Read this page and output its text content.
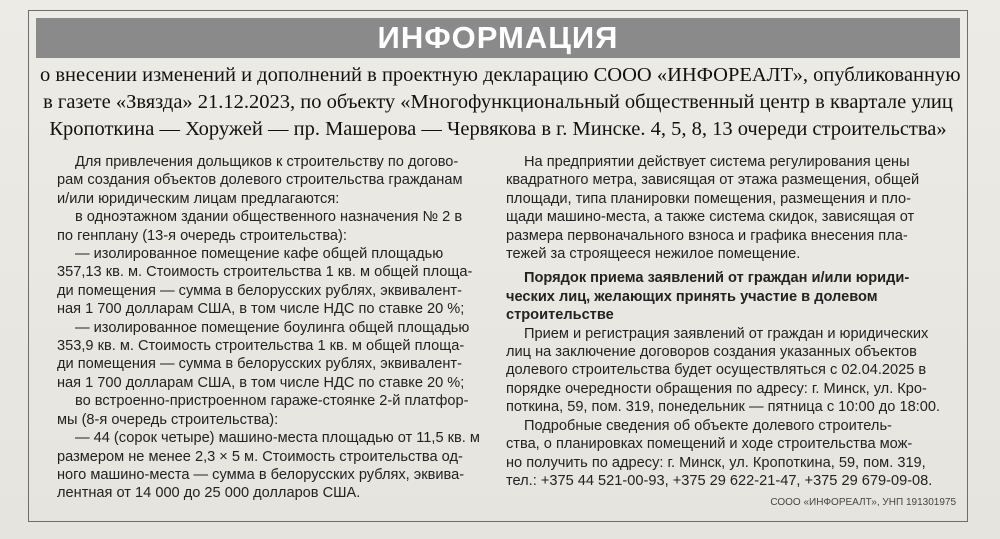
ИНФОРМАЦИЯ
о внесении изменений и дополнений в проектную декларацию СООО «ИНФОРЕАЛТ», опубликованную
в газете «Звязда» 21.12.2023, по объекту «Многофункциональный общественный центр в квартале улиц
Кропоткина — Хоружей — пр. Машерова — Червякова в г. Минске. 4, 5, 8, 13 очереди строительства»
Для привлечения дольщиков к строительству по догово-
рам создания объектов долевого строительства гражданам
и/или юридическим лицам предлагаются:
в одноэтажном здании общественного назначения № 2 в
по генплану (13-я очередь строительства):
— изолированное помещение кафе общей площадью
357,13 кв. м. Стоимость строительства 1 кв. м общей площа-
ди помещения — сумма в белорусских рублях, эквивалент-
ная 1 700 долларам США, в том числе НДС по ставке 20 %;
— изолированное помещение боулинга общей площадью
353,9 кв. м. Стоимость строительства 1 кв. м общей площа-
ди помещения — сумма в белорусских рублях, эквивалент-
ная 1 700 долларам США, в том числе НДС по ставке 20 %;
во встроенно-пристроенном гараже-стоянке 2-й платфор-
мы (8-я очередь строительства):
— 44 (сорок четыре) машино-места площадью от 11,5 кв. м
размером не менее 2,3 × 5 м. Стоимость строительства од-
ного машино-места — сумма в белорусских рублях, эквива-
лентная от 14 000 до 25 000 долларов США.
На предприятии действует система регулирования цены
квадратного метра, зависящая от этажа размещения, общей
площади, типа планировки помещения, размещения и пло-
щади машино-места, а также система скидок, зависящая от
размера первоначального взноса и графика внесения пла-
тежей за строящееся нежилое помещение.
Порядок приема заявлений от граждан и/или юриди-
ческих лиц, желающих принять участие в долевом
строительстве
Прием и регистрация заявлений от граждан и юридических
лиц на заключение договоров создания указанных объектов
долевого строительства будет осуществляться с 02.04.2025 в
порядке очередности обращения по адресу: г. Минск, ул. Кро-
поткина, 59, пом. 319, понедельник — пятница с 10:00 до 18:00.
Подробные сведения об объекте долевого строитель-
ства, о планировках помещений и ходе строительства мож-
но получить по адресу: г. Минск, ул. Кропоткина, 59, пом. 319,
тел.: +375 44 521-00-93, +375 29 622-21-47, +375 29 679-09-08.
СООО «ИНФОРЕАЛТ», УНП 191301975
